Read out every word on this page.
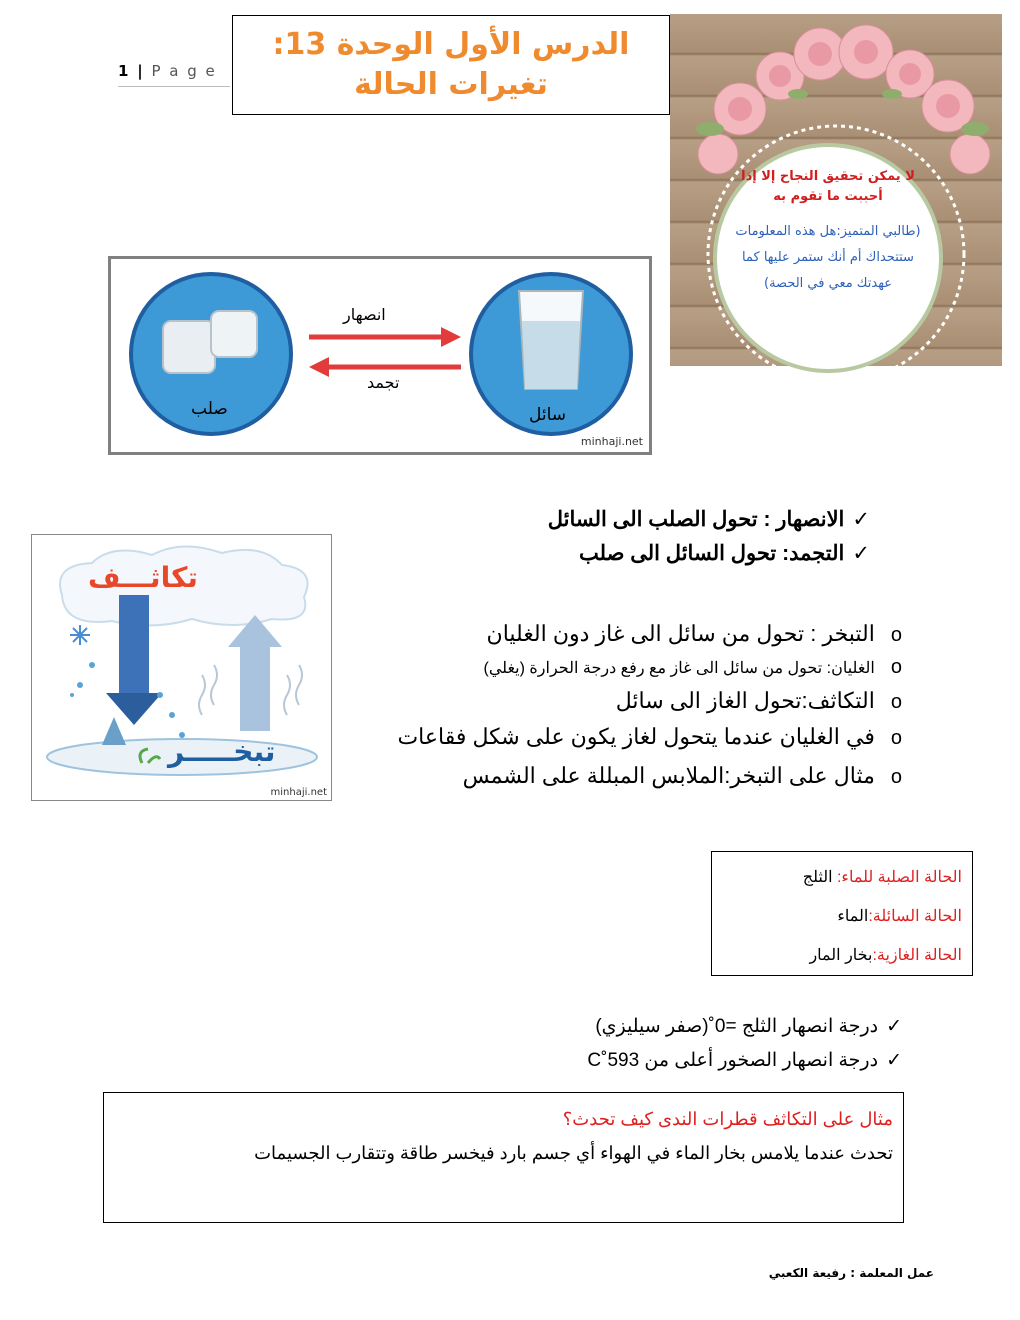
1 | P a g e
الدرس الأول الوحدة 13: تغيرات الحالة
لا يمكن تحقيق النجاح إلا إذا أحببت ما تقوم به
(طالبي المتميز:هل هذه المعلومات ستتحداك أم أنك ستمر عليها كما عهدتك معي في الحصة)
انصهار
تجمد
صلب	سائل
minhaji.net
✓الانصهار : تحول الصلب الى السائل
✓التجمد: تحول السائل الى صلب
تكاثـــف
تبخـــــر
minhaji.net
oالتبخر : تحول من سائل الى غاز دون الغليان
oالغليان: تحول من سائل الى غاز مع رفع درجة الحرارة (يغلي)
oالتكاثف:تحول الغاز الى سائل
oفي الغليان عندما يتحول لغاز يكون على شكل فقاعات
oمثال على التبخر:الملابس المبللة على الشمس
الحالة الصلبة للماء: الثلج
الحالة السائلة:الماء
الحالة الغازية:بخار المار
✓درجة انصهار الثلج =0˚(صفر سيليزي)
✓درجة انصهار الصخور أعلى من 593˚C
مثال على التكاثف قطرات الندى كيف تحدث؟
تحدث عندما يلامس بخار الماء في الهواء أي جسم بارد فيخسر طاقة وتتقارب الجسيمات
عمل المعلمة : رفيعة الكعبي
